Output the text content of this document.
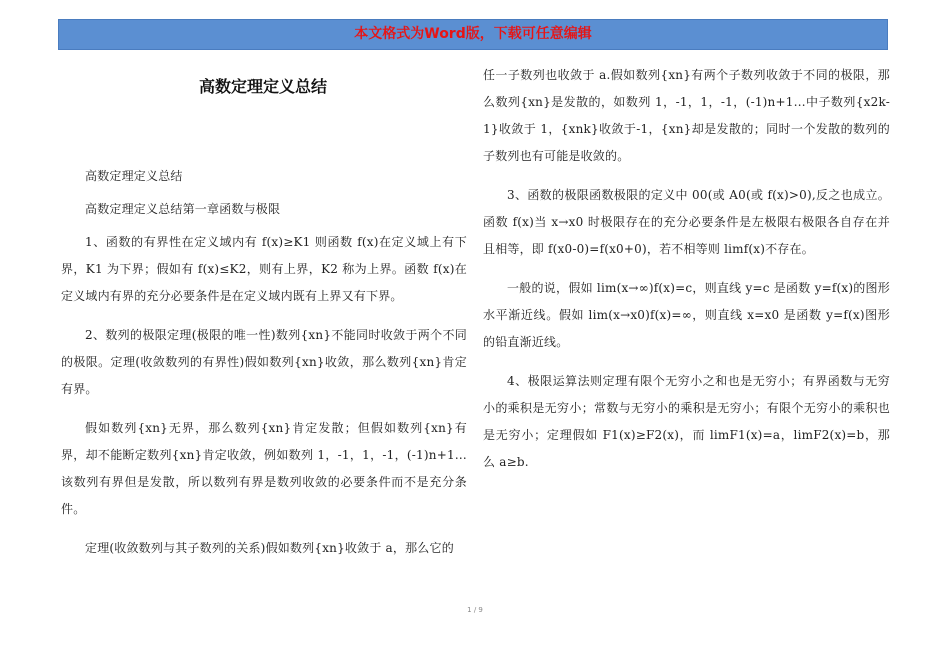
本文格式为Word版，下载可任意编辑
高数定理定义总结

高数定理定义总结

高数定理定义总结第一章函数与极限

1、函数的有界性在定义域内有 f(x)≥K1 则函数 f(x)在定义域上有下界，K1 为下界；假如有 f(x)≤K2，则有上界，K2 称为上界。函数 f(x)在定义域内有界的充分必要条件是在定义域内既有上界又有下界。

2、数列的极限定理(极限的唯一性)数列{xn}不能同时收敛于两个不同的极限。定理(收敛数列的有界性)假如数列{xn}收敛，那么数列{xn}肯定有界。

假如数列{xn}无界，那么数列{xn}肯定发散；但假如数列{xn}有界，却不能断定数列{xn}肯定收敛，例如数列 1，-1，1，-1，(-1)n+1…该数列有界但是发散，所以数列有界是数列收敛的必要条件而不是充分条件。

定理(收敛数列与其子数列的关系)假如数列{xn}收敛于 a，那么它的

任一子数列也收敛于 a.假如数列{xn}有两个子数列收敛于不同的极限，那么数列{xn}是发散的，如数列 1，-1，1，-1，(-1)n+1…中子数列{x2k-1}收敛于 1，{xnk}收敛于-1，{xn}却是发散的；同时一个发散的数列的子数列也有可能是收敛的。

3、函数的极限函数极限的定义中 00(或 A0(或 f(x)>0),反之也成立。函数 f(x)当 x→x0 时极限存在的充分必要条件是左极限右极限各自存在并且相等，即 f(x0-0)=f(x0+0)，若不相等则 limf(x)不存在。

一般的说，假如 lim(x→∞)f(x)=c，则直线 y=c 是函数 y=f(x)的图形水平渐近线。假如 lim(x→x0)f(x)=∞，则直线 x=x0 是函数 y=f(x)图形的铅直渐近线。

4、极限运算法则定理有限个无穷小之和也是无穷小；有界函数与无穷小的乘积是无穷小；常数与无穷小的乘积是无穷小；有限个无穷小的乘积也是无穷小；定理假如 F1(x)≥F2(x)，而 limF1(x)=a，limF2(x)=b，那么 a≥b.

1 / 9
